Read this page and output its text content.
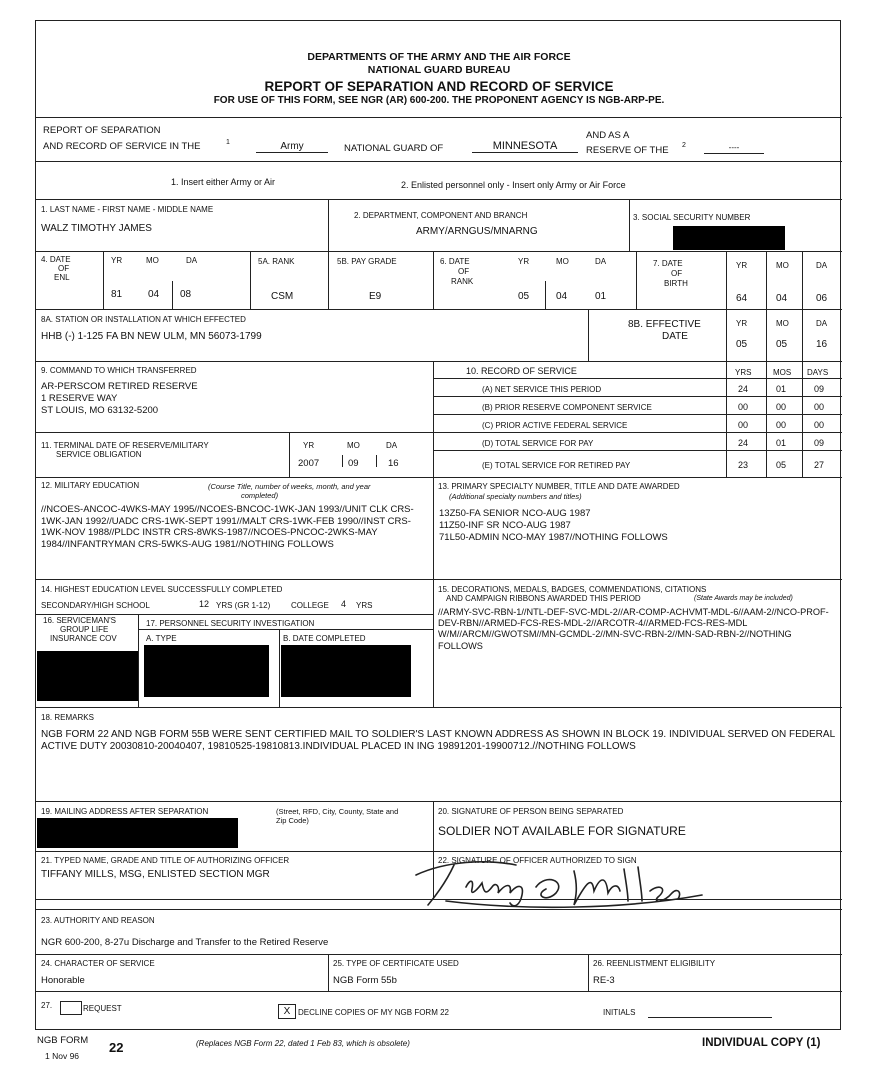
DEPARTMENTS OF THE ARMY AND THE AIR FORCE
NATIONAL GUARD BUREAU
REPORT OF SEPARATION AND RECORD OF SERVICE
FOR USE OF THIS FORM, SEE NGR (AR) 600-200. THE PROPONENT AGENCY IS NGB-ARP-PE.
REPORT OF SEPARATION
AND RECORD OF SERVICE IN THE	1	Army	NATIONAL GUARD OF	MINNESOTA
AND AS A
RESERVE OF THE 2	----
1. Insert either Army or Air	2. Enlisted personnel only - Insert only Army or Air Force
1. LAST NAME - FIRST NAME - MIDDLE NAME
WALZ TIMOTHY JAMES
2. DEPARTMENT, COMPONENT AND BRANCH
ARMY/ARNGUS/MNARNG
3. SOCIAL SECURITY NUMBER
4. DATE
OF
ENL
YR	MO	DA
81	04 08
5A. RANK
CSM
5B. PAY GRADE
E9
6. DATE
OF
RANK
YR	MO	DA
05	04	01
7. DATE
OF
BIRTH
YR	MO	DA
64	04	06
8A. STATION OR INSTALLATION AT WHICH EFFECTED
HHB (-) 1-125 FA BN NEW ULM, MN 56073-1799
8B. EFFECTIVE
DATE
YR	MO	DA
05	05	16
9. COMMAND TO WHICH TRANSFERRED
AR-PERSCOM RETIRED RESERVE
1 RESERVE WAY
ST LOUIS, MO 63132-5200
10. RECORD OF SERVICE	YRS	MOS DAYS
(A) NET SERVICE THIS PERIOD	24	01	09
(B) PRIOR RESERVE COMPONENT SERVICE	00	00	00
(C) PRIOR ACTIVE FEDERAL SERVICE	00	00	00
(D) TOTAL SERVICE FOR PAY	24	01	09
(E) TOTAL SERVICE FOR RETIRED PAY	23	05	27
11. TERMINAL DATE OF RESERVE/MILITARY
SERVICE OBLIGATION
YR	MO	DA
2007	09	16
12. MILITARY EDUCATION	(Course Title, number of weeks, month, and year
completed)
//NCOES-ANCOC-4WKS-MAY 1995//NCOES-BNCOC-1WK-JAN 1993//UNIT CLK CRS-1WK-JAN 1992//UADC CRS-1WK-SEPT 1991//MALT CRS-1WK-FEB 1990//INST CRS-1WK-NOV 1988//PLDC INSTR CRS-8WKS-1987//NCOES-PNCOC-2WKS-MAY 1984//INFANTRYMAN CRS-5WKS-AUG 1981//NOTHING FOLLOWS
13. PRIMARY SPECIALTY NUMBER, TITLE AND DATE AWARDED
(Additional specialty numbers and titles)
13Z50-FA SENIOR NCO-AUG 1987
11Z50-INF SR NCO-AUG 1987
71L50-ADMIN NCO-MAY 1987//NOTHING FOLLOWS
14. HIGHEST EDUCATION LEVEL SUCCESSFULLY COMPLETED
SECONDARY/HIGH SCHOOL	12 YRS (GR 1-12)	COLLEGE 4 YRS
15. DECORATIONS, MEDALS, BADGES, COMMENDATIONS, CITATIONS
AND CAMPAIGN RIBBONS AWARDED THIS PERIOD	(State Awards may be included)
//ARMY-SVC-RBN-1//NTL-DEF-SVC-MDL-2//AR-COMP-ACHVMT-MDL-6//AAM-2//NCO-PROF-DEV-RBN//ARMED-FCS-RES-MDL-2//ARCOTR-4//ARMED-FCS-RES-MDL W/M//ARCM//GWOTSM//MN-GCMDL-2//MN-SVC-RBN-2//MN-SAD-RBN-2//NOTHING FOLLOWS
16. SERVICEMAN'S
GROUP LIFE
INSURANCE COV
17. PERSONNEL SECURITY INVESTIGATION
A. TYPE	B. DATE COMPLETED
18. REMARKS
NGB FORM 22 AND NGB FORM 55B WERE SENT CERTIFIED MAIL TO SOLDIER'S LAST KNOWN ADDRESS AS SHOWN IN BLOCK 19. INDIVIDUAL SERVED ON FEDERAL ACTIVE DUTY 20030810-20040407, 19810525-19810813.INDIVIDUAL PLACED IN ING 19891201-19900712.//NOTHING FOLLOWS
19. MAILING ADDRESS AFTER SEPARATION	(Street, RFD, City, County, State and
Zip Code)
20. SIGNATURE OF PERSON BEING SEPARATED
SOLDIER NOT AVAILABLE FOR SIGNATURE
21. TYPED NAME, GRADE AND TITLE OF AUTHORIZING OFFICER
TIFFANY MILLS, MSG, ENLISTED SECTION MGR
22. SIGNATURE OF OFFICER AUTHORIZED TO SIGN
23. AUTHORITY AND REASON
NGR 600-200, 8-27u Discharge and Transfer to the Retired Reserve
24. CHARACTER OF SERVICE
Honorable
25. TYPE OF CERTIFICATE USED
NGB Form 55b
26. REENLISTMENT ELIGIBILITY
RE-3
27.	REQUEST	X DECLINE COPIES OF MY NGB FORM 22	INITIALS
NGB FORM 22
1 Nov 96
(Replaces NGB Form 22, dated 1 Feb 83, which is obsolete)	INDIVIDUAL COPY (1)
